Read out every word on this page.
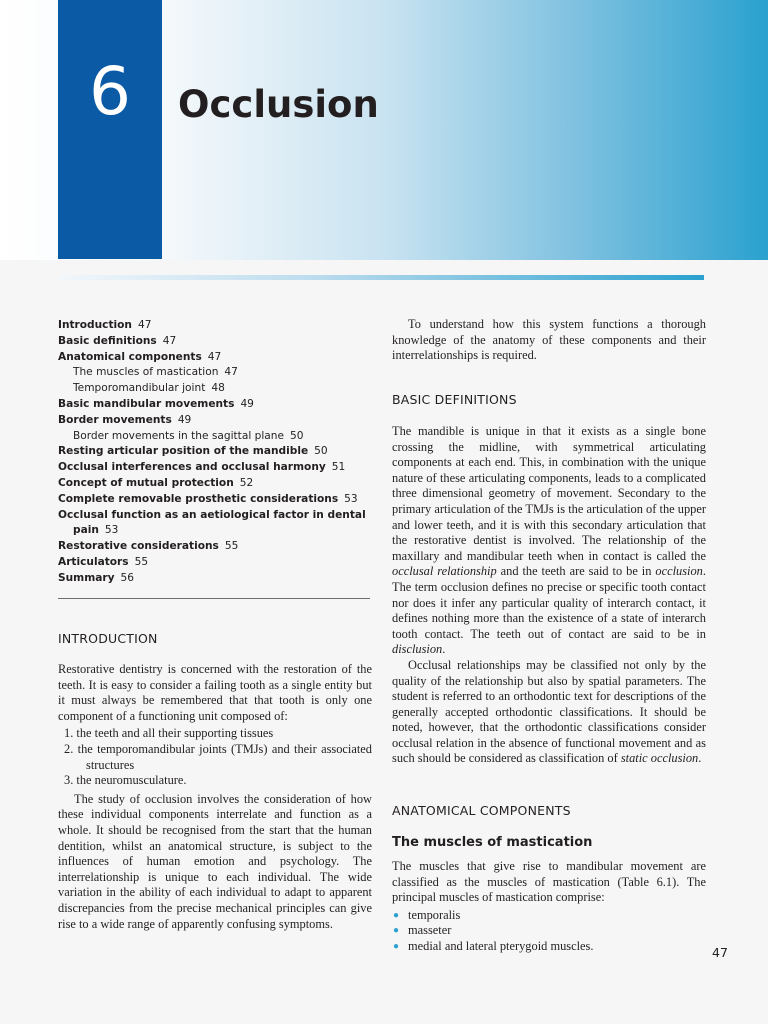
6	Occlusion
Introduction 47
Basic definitions 47
Anatomical components 47
The muscles of mastication 47
Temporomandibular joint 48
Basic mandibular movements 49
Border movements 49
Border movements in the sagittal plane 50
Resting articular position of the mandible 50
Occlusal interferences and occlusal harmony 51
Concept of mutual protection 52
Complete removable prosthetic considerations 53
Occlusal function as an aetiological factor in dental pain 53
Restorative considerations 55
Articulators 55
Summary 56
INTRODUCTION

Restorative dentistry is concerned with the restoration of the teeth. It is easy to consider a failing tooth as a single entity but it must always be remembered that that tooth is only one component of a functioning unit composed of:

1. the teeth and all their supporting tissues
2. the temporomandibular joints (TMJs) and their associated structures
3. the neuromusculature.

The study of occlusion involves the consideration of how these individual components interrelate and function as a whole. It should be recognised from the start that the human dentition, whilst an anatomical structure, is subject to the influences of human emotion and psychology. The interrelationship is unique to each individual. The wide variation in the ability of each individual to adapt to apparent discrepancies from the precise mechanical principles can give rise to a wide range of apparently confusing symptoms.

To understand how this system functions a thorough knowledge of the anatomy of these components and their interrelationships is required.

BASIC DEFINITIONS

The mandible is unique in that it exists as a single bone crossing the midline, with symmetrical articulating components at each end. This, in combination with the unique nature of these articulating components, leads to a complicated three dimensional geometry of movement. Secondary to the primary articulation of the TMJs is the articulation of the upper and lower teeth, and it is with this secondary articulation that the restorative dentist is involved. The relationship of the maxillary and mandibular teeth when in contact is called the occlusal relationship and the teeth are said to be in occlusion. The term occlusion defines no precise or specific tooth contact nor does it infer any particular quality of interarch contact, it defines nothing more than the existence of a state of interarch tooth contact. The teeth out of contact are said to be in disclusion.

Occlusal relationships may be classified not only by the quality of the relationship but also by spatial parameters. The student is referred to an orthodontic text for descriptions of the generally accepted orthodontic classifications. It should be noted, however, that the orthodontic classifications consider occlusal relation in the absence of functional movement and as such should be considered as classification of static occlusion.

ANATOMICAL COMPONENTS
The muscles of mastication

The muscles that give rise to mandibular movement are classified as the muscles of mastication (Table 6.1). The principal muscles of mastication comprise:

● temporalis
● masseter
● medial and lateral pterygoid muscles.	47
